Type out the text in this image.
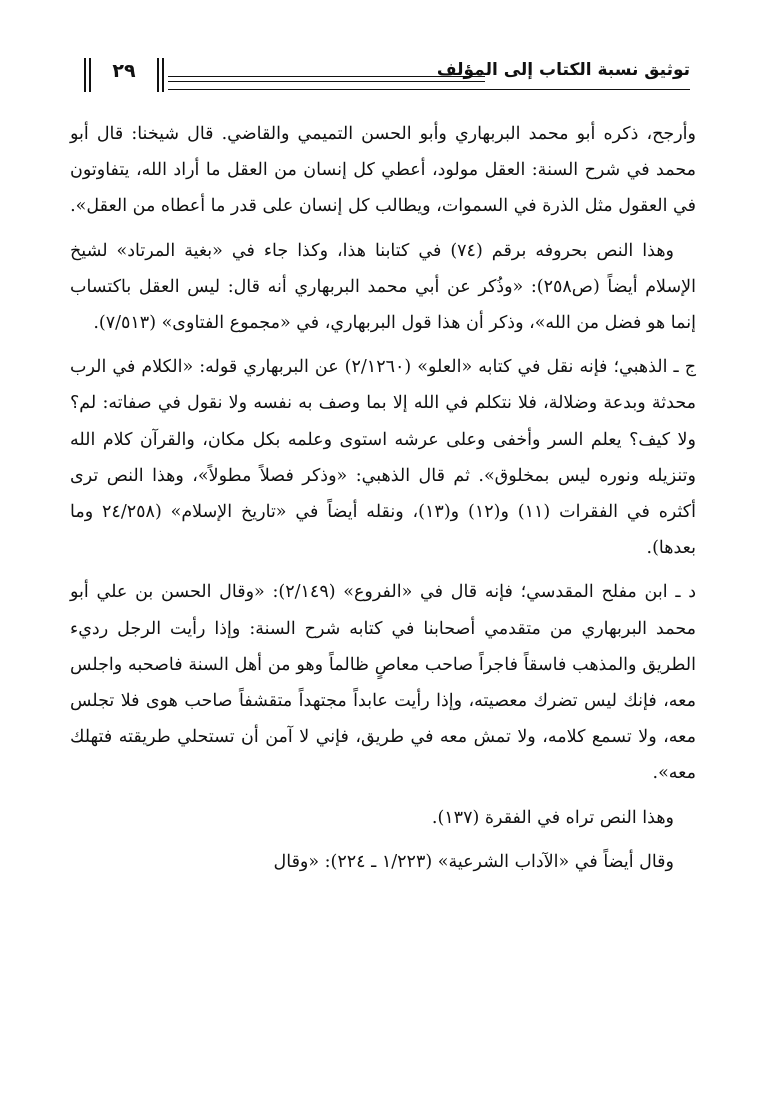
توثيق نسبة الكتاب إلى المؤلف
٢٩

وأرجح، ذكره أبو محمد البربهاري وأبو الحسن التميمي والقاضي. قال شيخنا: قال أبو محمد في شرح السنة: العقل مولود، أعطي كل إنسان من العقل ما أراد الله، يتفاوتون في العقول مثل الذرة في السموات، ويطالب كل إنسان على قدر ما أعطاه من العقل».

وهذا النص بحروفه برقم (٧٤) في كتابنا هذا، وكذا جاء في «بغية المرتاد» لشيخ الإسلام أيضاً (ص٢٥٨): «وذُكر عن أبي محمد البربهاري أنه قال: ليس العقل باكتساب إنما هو فضل من الله»، وذكر أن هذا قول البربهاري، في «مجموع الفتاوى» (٧/٥١٣).

ج ـ الذهبي؛ فإنه نقل في كتابه «العلو» (٢/١٢٦٠) عن البربهاري قوله: «الكلام في الرب محدثة وبدعة وضلالة، فلا نتكلم في الله إلا بما وصف به نفسه ولا نقول في صفاته: لم؟ ولا كيف؟ يعلم السر وأخفى وعلى عرشه استوى وعلمه بكل مكان، والقرآن كلام الله وتنزيله ونوره ليس بمخلوق». ثم قال الذهبي: «وذكر فصلاً مطولاً»، وهذا النص ترى أكثره في الفقرات (١١) و(١٢) و(١٣)، ونقله أيضاً في «تاريخ الإسلام» (٢٤/٢٥٨ وما بعدها).

د ـ ابن مفلح المقدسي؛ فإنه قال في «الفروع» (٢/١٤٩): «وقال الحسن بن علي أبو محمد البربهاري من متقدمي أصحابنا في كتابه شرح السنة: وإذا رأيت الرجل رديء الطريق والمذهب فاسقاً فاجراً صاحب معاصٍ ظالماً وهو من أهل السنة فاصحبه واجلس معه، فإنك ليس تضرك معصيته، وإذا رأيت عابداً مجتهداً متقشفاً صاحب هوى فلا تجلس معه، ولا تسمع كلامه، ولا تمش معه في طريق، فإني لا آمن أن تستحلي طريقته فتهلك معه».

وهذا النص تراه في الفقرة (١٣٧).

وقال أيضاً في «الآداب الشرعية» (١/٢٢٣ ـ ٢٢٤): «وقال
